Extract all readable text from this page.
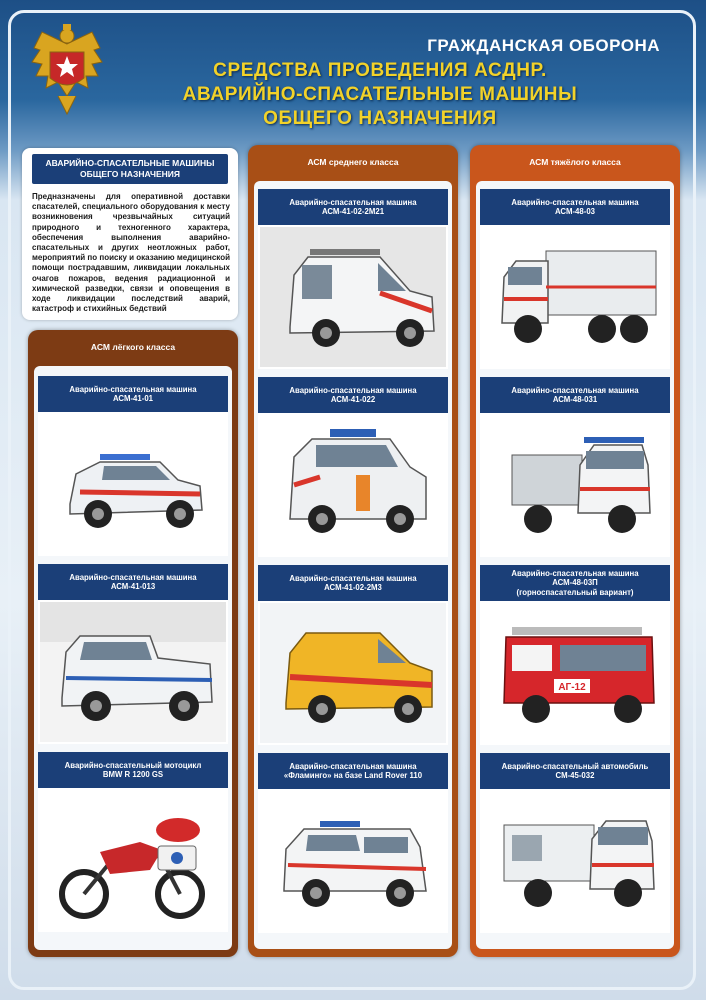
ГРАЖДАНСКАЯ ОБОРОНА
СРЕДСТВА ПРОВЕДЕНИЯ АСДНР.
АВАРИЙНО-СПАСАТЕЛЬНЫЕ МАШИНЫ
ОБЩЕГО НАЗНАЧЕНИЯ
АВАРИЙНО-СПАСАТЕЛЬНЫЕ МАШИНЫ
ОБЩЕГО НАЗНАЧЕНИЯ
Предназначены для оперативной доставки спасателей, специального оборудования к месту возникновения чрезвычайных ситуаций природного и техногенного характера, обеспечения выполнения аварийно-спасательных и других неотложных работ, мероприятий по поиску и оказанию медицинской помощи пострадавшим, ликвидации локальных очагов пожаров, ведения радиационной и химической разведки, связи и оповещения в ходе ликвидации последствий аварий, катастроф и стихийных бедствий
АСМ лёгкого класса
Аварийно-спасательная машина
АСМ-41-01
Аварийно-спасательная машина
АСМ-41-013
Аварийно-спасательный мотоцикл
BMW R 1200 GS
АСМ среднего класса
Аварийно-спасательная машина
АСМ-41-02-2М21
Аварийно-спасательная машина
АСМ-41-022
Аварийно-спасательная машина
АСМ-41-02-2М3
Аварийно-спасательная машина
«Фламинго» на базе Land Rover 110
АСМ тяжёлого класса
Аварийно-спасательная машина
АСМ-48-03
Аварийно-спасательная машина
АСМ-48-031
Аварийно-спасательная машина
АСМ-48-03П
(горноспасательный вариант)
АГ-12
Аварийно-спасательный автомобиль
СМ-45-032
